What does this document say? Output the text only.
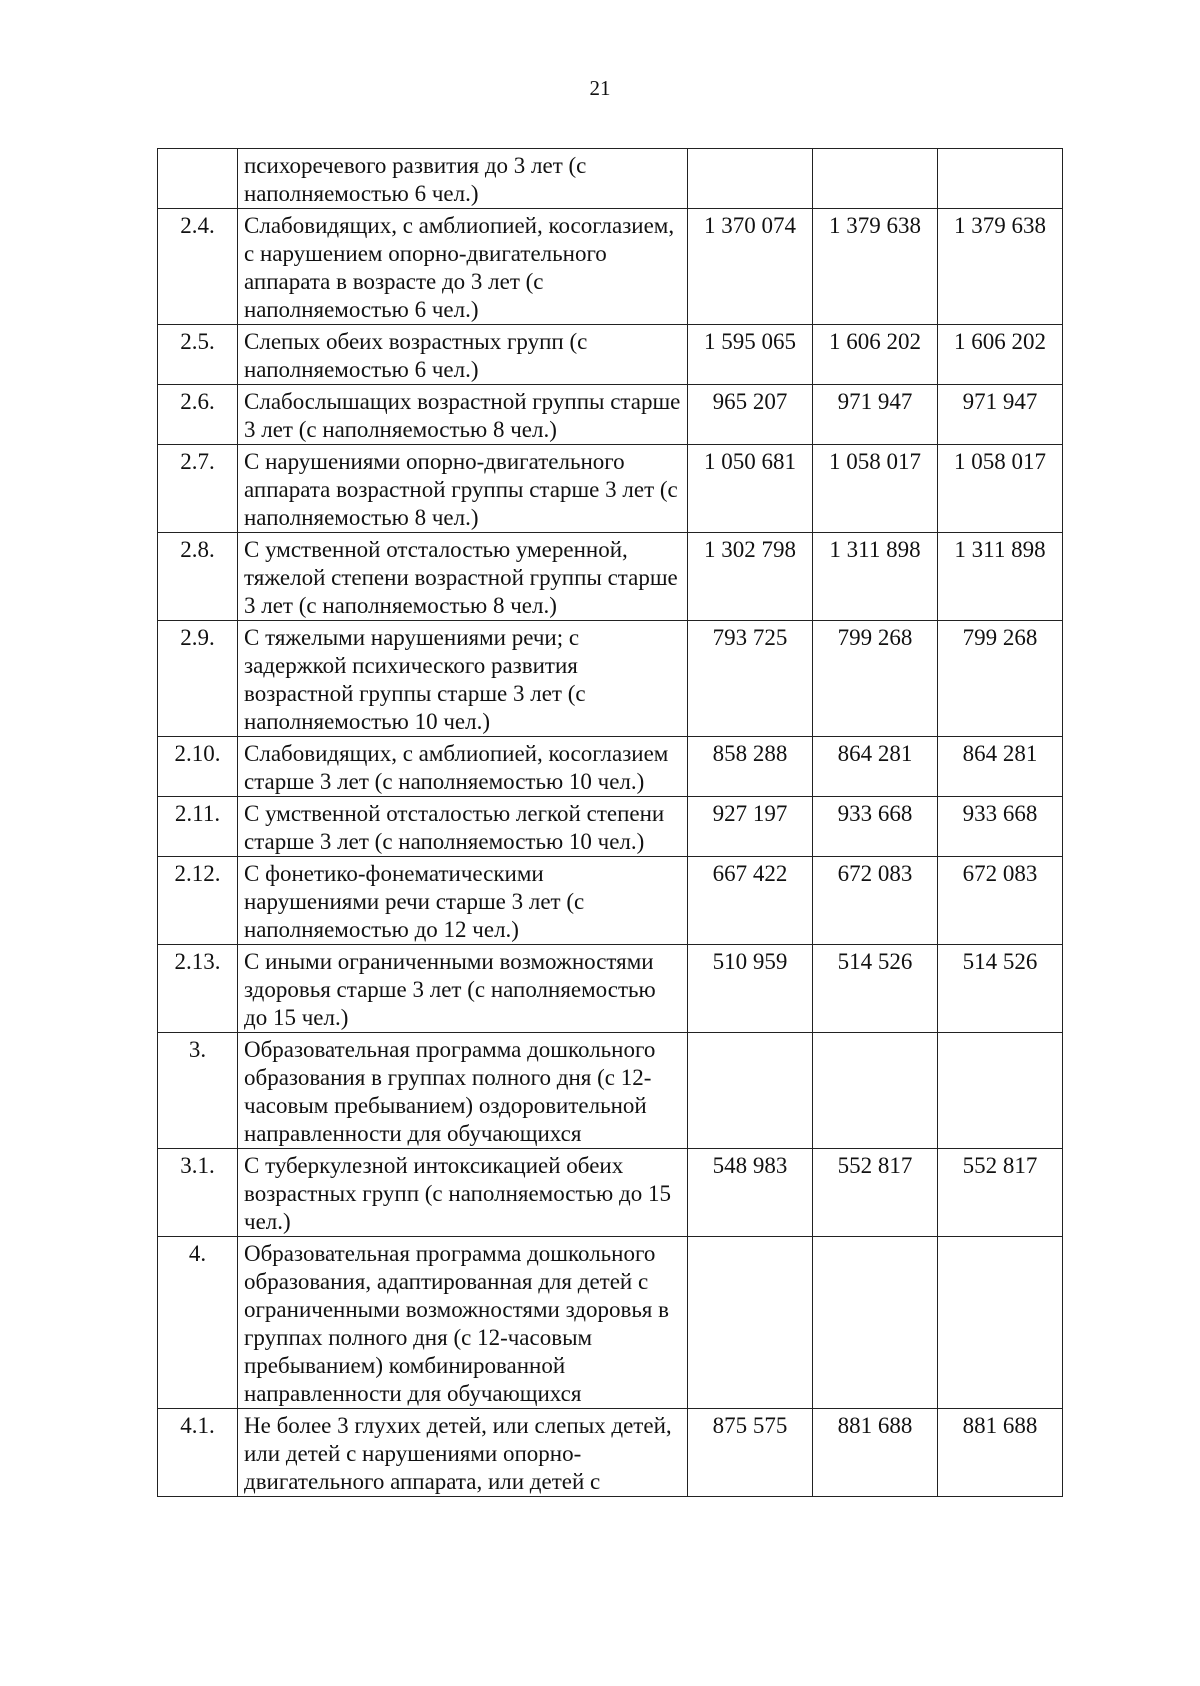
21
	психоречевого развития до 3 лет (с наполняемостью 6 чел.)			
2.4.	Слабовидящих, с амблиопией, косоглазием, с нарушением опорно-двигательного аппарата в возрасте до 3 лет (с наполняемостью 6 чел.)	1 370 074	1 379 638	1 379 638
2.5.	Слепых обеих возрастных групп (с наполняемостью 6 чел.)	1 595 065	1 606 202	1 606 202
2.6.	Слабослышащих возрастной группы старше 3 лет (с наполняемостью 8 чел.)	965 207	971 947	971 947
2.7.	С нарушениями опорно-двигательного аппарата возрастной группы старше 3 лет (с наполняемостью 8 чел.)	1 050 681	1 058 017	1 058 017
2.8.	С умственной отсталостью умеренной, тяжелой степени возрастной группы старше 3 лет (с наполняемостью 8 чел.)	1 302 798	1 311 898	1 311 898
2.9.	С тяжелыми нарушениями речи; с задержкой психического развития возрастной группы старше 3 лет (с наполняемостью 10 чел.)	793 725	799 268	799 268
2.10.	Слабовидящих, с амблиопией, косоглазием старше 3 лет (с наполняемостью 10 чел.)	858 288	864 281	864 281
2.11.	С умственной отсталостью легкой степени старше 3 лет (с наполняемостью 10 чел.)	927 197	933 668	933 668
2.12.	С фонетико-фонематическими нарушениями речи старше 3 лет (с наполняемостью до 12 чел.)	667 422	672 083	672 083
2.13.	С иными ограниченными возможностями здоровья старше 3 лет (с наполняемостью до 15 чел.)	510 959	514 526	514 526
3.	Образовательная программа дошкольного образования в группах полного дня (с 12-часовым пребыванием) оздоровительной направленности для обучающихся			
3.1.	С туберкулезной интоксикацией обеих возрастных групп (с наполняемостью до 15 чел.)	548 983	552 817	552 817
4.	Образовательная программа дошкольного образования, адаптированная для детей с ограниченными возможностями здоровья в группах полного дня (с 12-часовым пребыванием) комбинированной направленности для обучающихся			
4.1.	Не более 3 глухих детей, или слепых детей, или детей с нарушениями опорно-двигательного аппарата, или детей с	875 575	881 688	881 688
